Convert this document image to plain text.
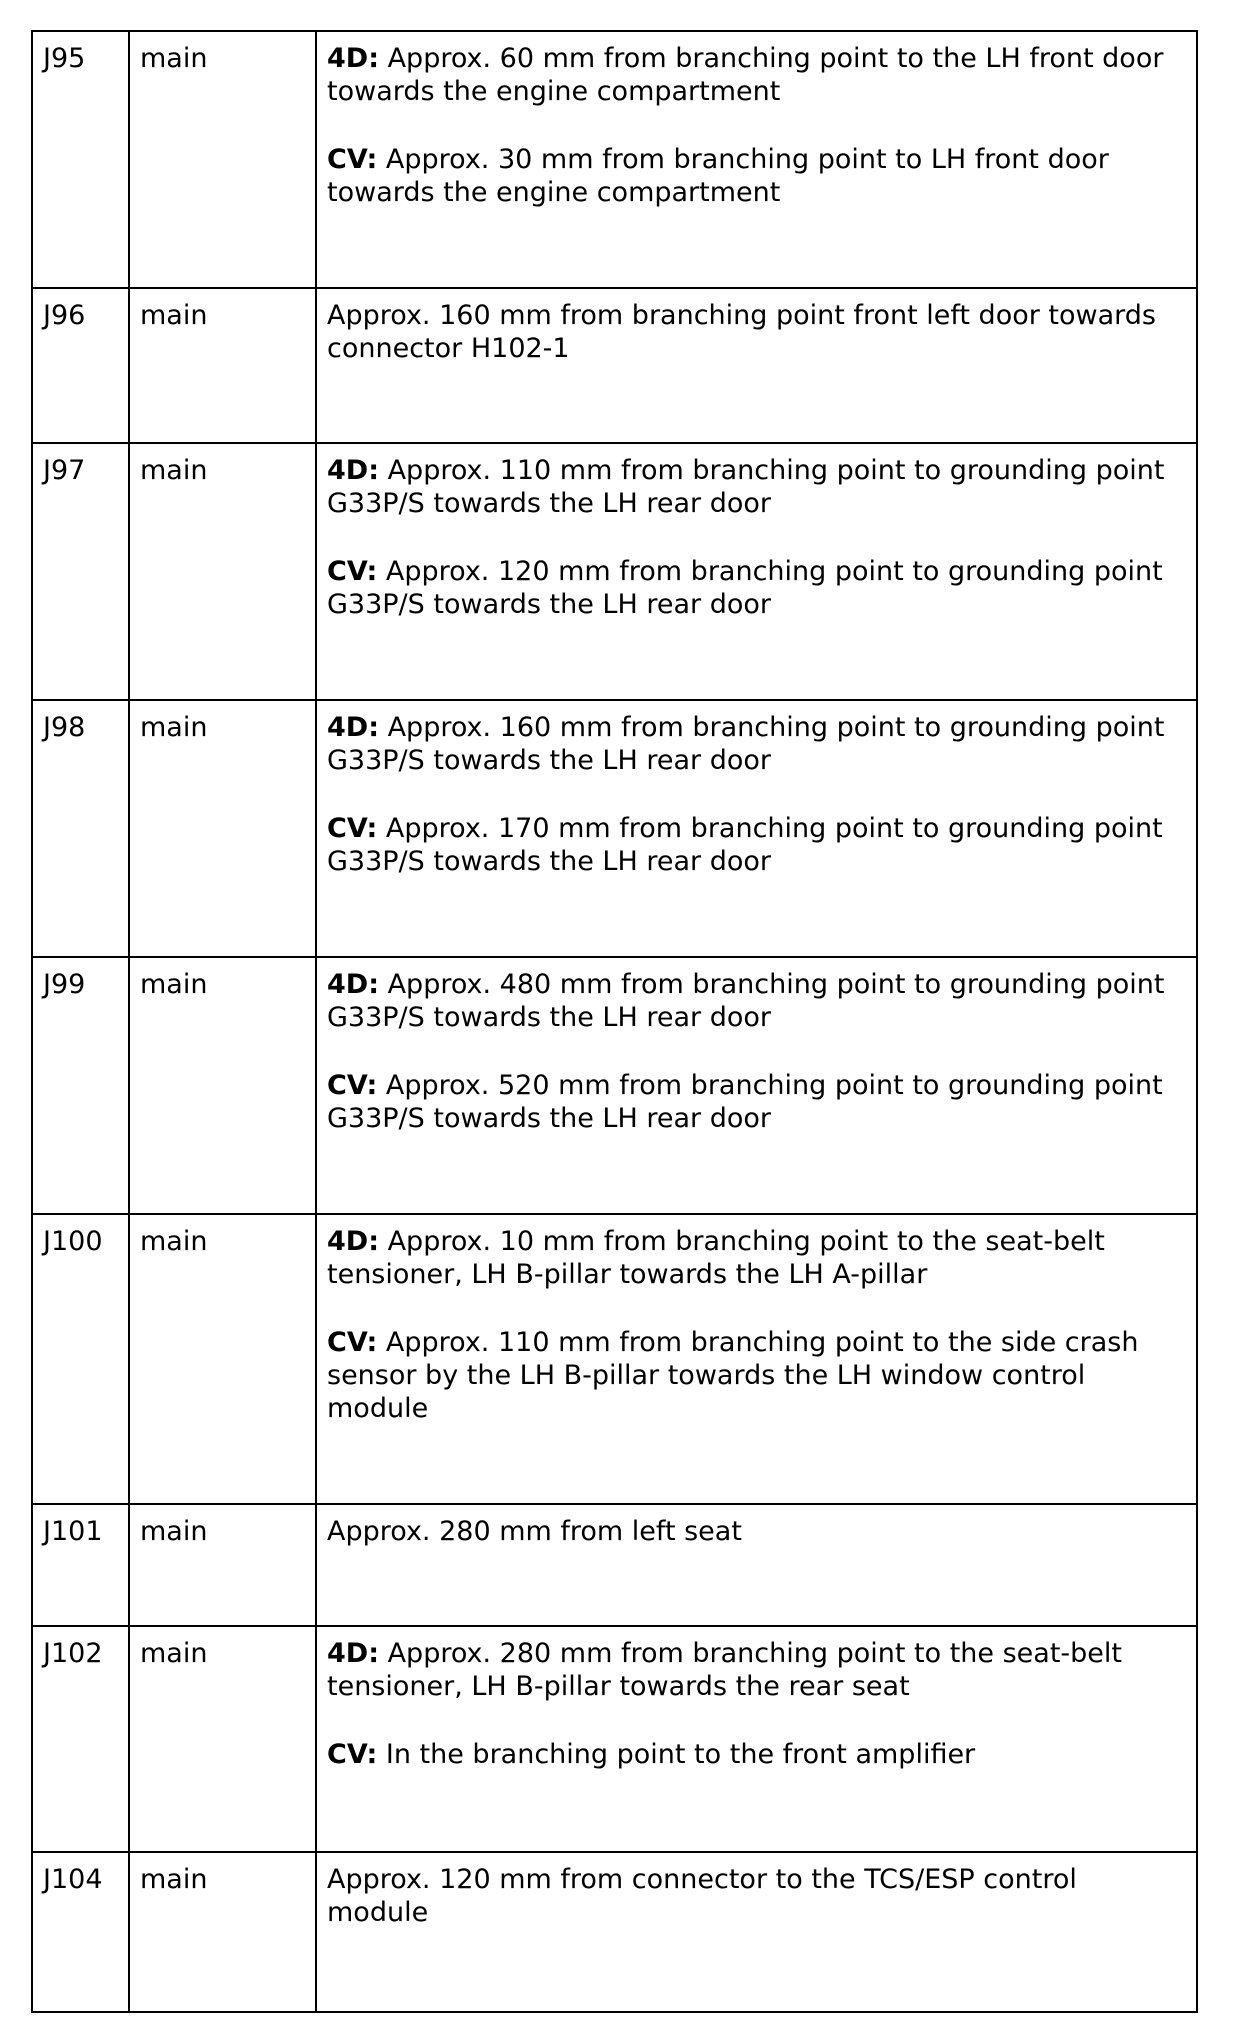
J95	main	4D: Approx. 60 mm from branching point to the LH front door towards the engine compartment

CV: Approx. 30 mm from branching point to LH front door towards the engine compartment

J96	main	Approx. 160 mm from branching point front left door towards connector H102-1

J97	main	4D: Approx. 110 mm from branching point to grounding point G33P/S towards the LH rear door

CV: Approx. 120 mm from branching point to grounding point G33P/S towards the LH rear door

J98	main	4D: Approx. 160 mm from branching point to grounding point G33P/S towards the LH rear door

CV: Approx. 170 mm from branching point to grounding point G33P/S towards the LH rear door

J99	main	4D: Approx. 480 mm from branching point to grounding point G33P/S towards the LH rear door

CV: Approx. 520 mm from branching point to grounding point G33P/S towards the LH rear door

J100	main	4D: Approx. 10 mm from branching point to the seat-belt tensioner, LH B-pillar towards the LH A-pillar

CV: Approx. 110 mm from branching point to the side crash sensor by the LH B-pillar towards the LH window control module

J101	main	Approx. 280 mm from left seat

J102	main	4D: Approx. 280 mm from branching point to the seat-belt tensioner, LH B-pillar towards the rear seat

CV: In the branching point to the front amplifier

J104	main	Approx. 120 mm from connector to the TCS/ESP control module
